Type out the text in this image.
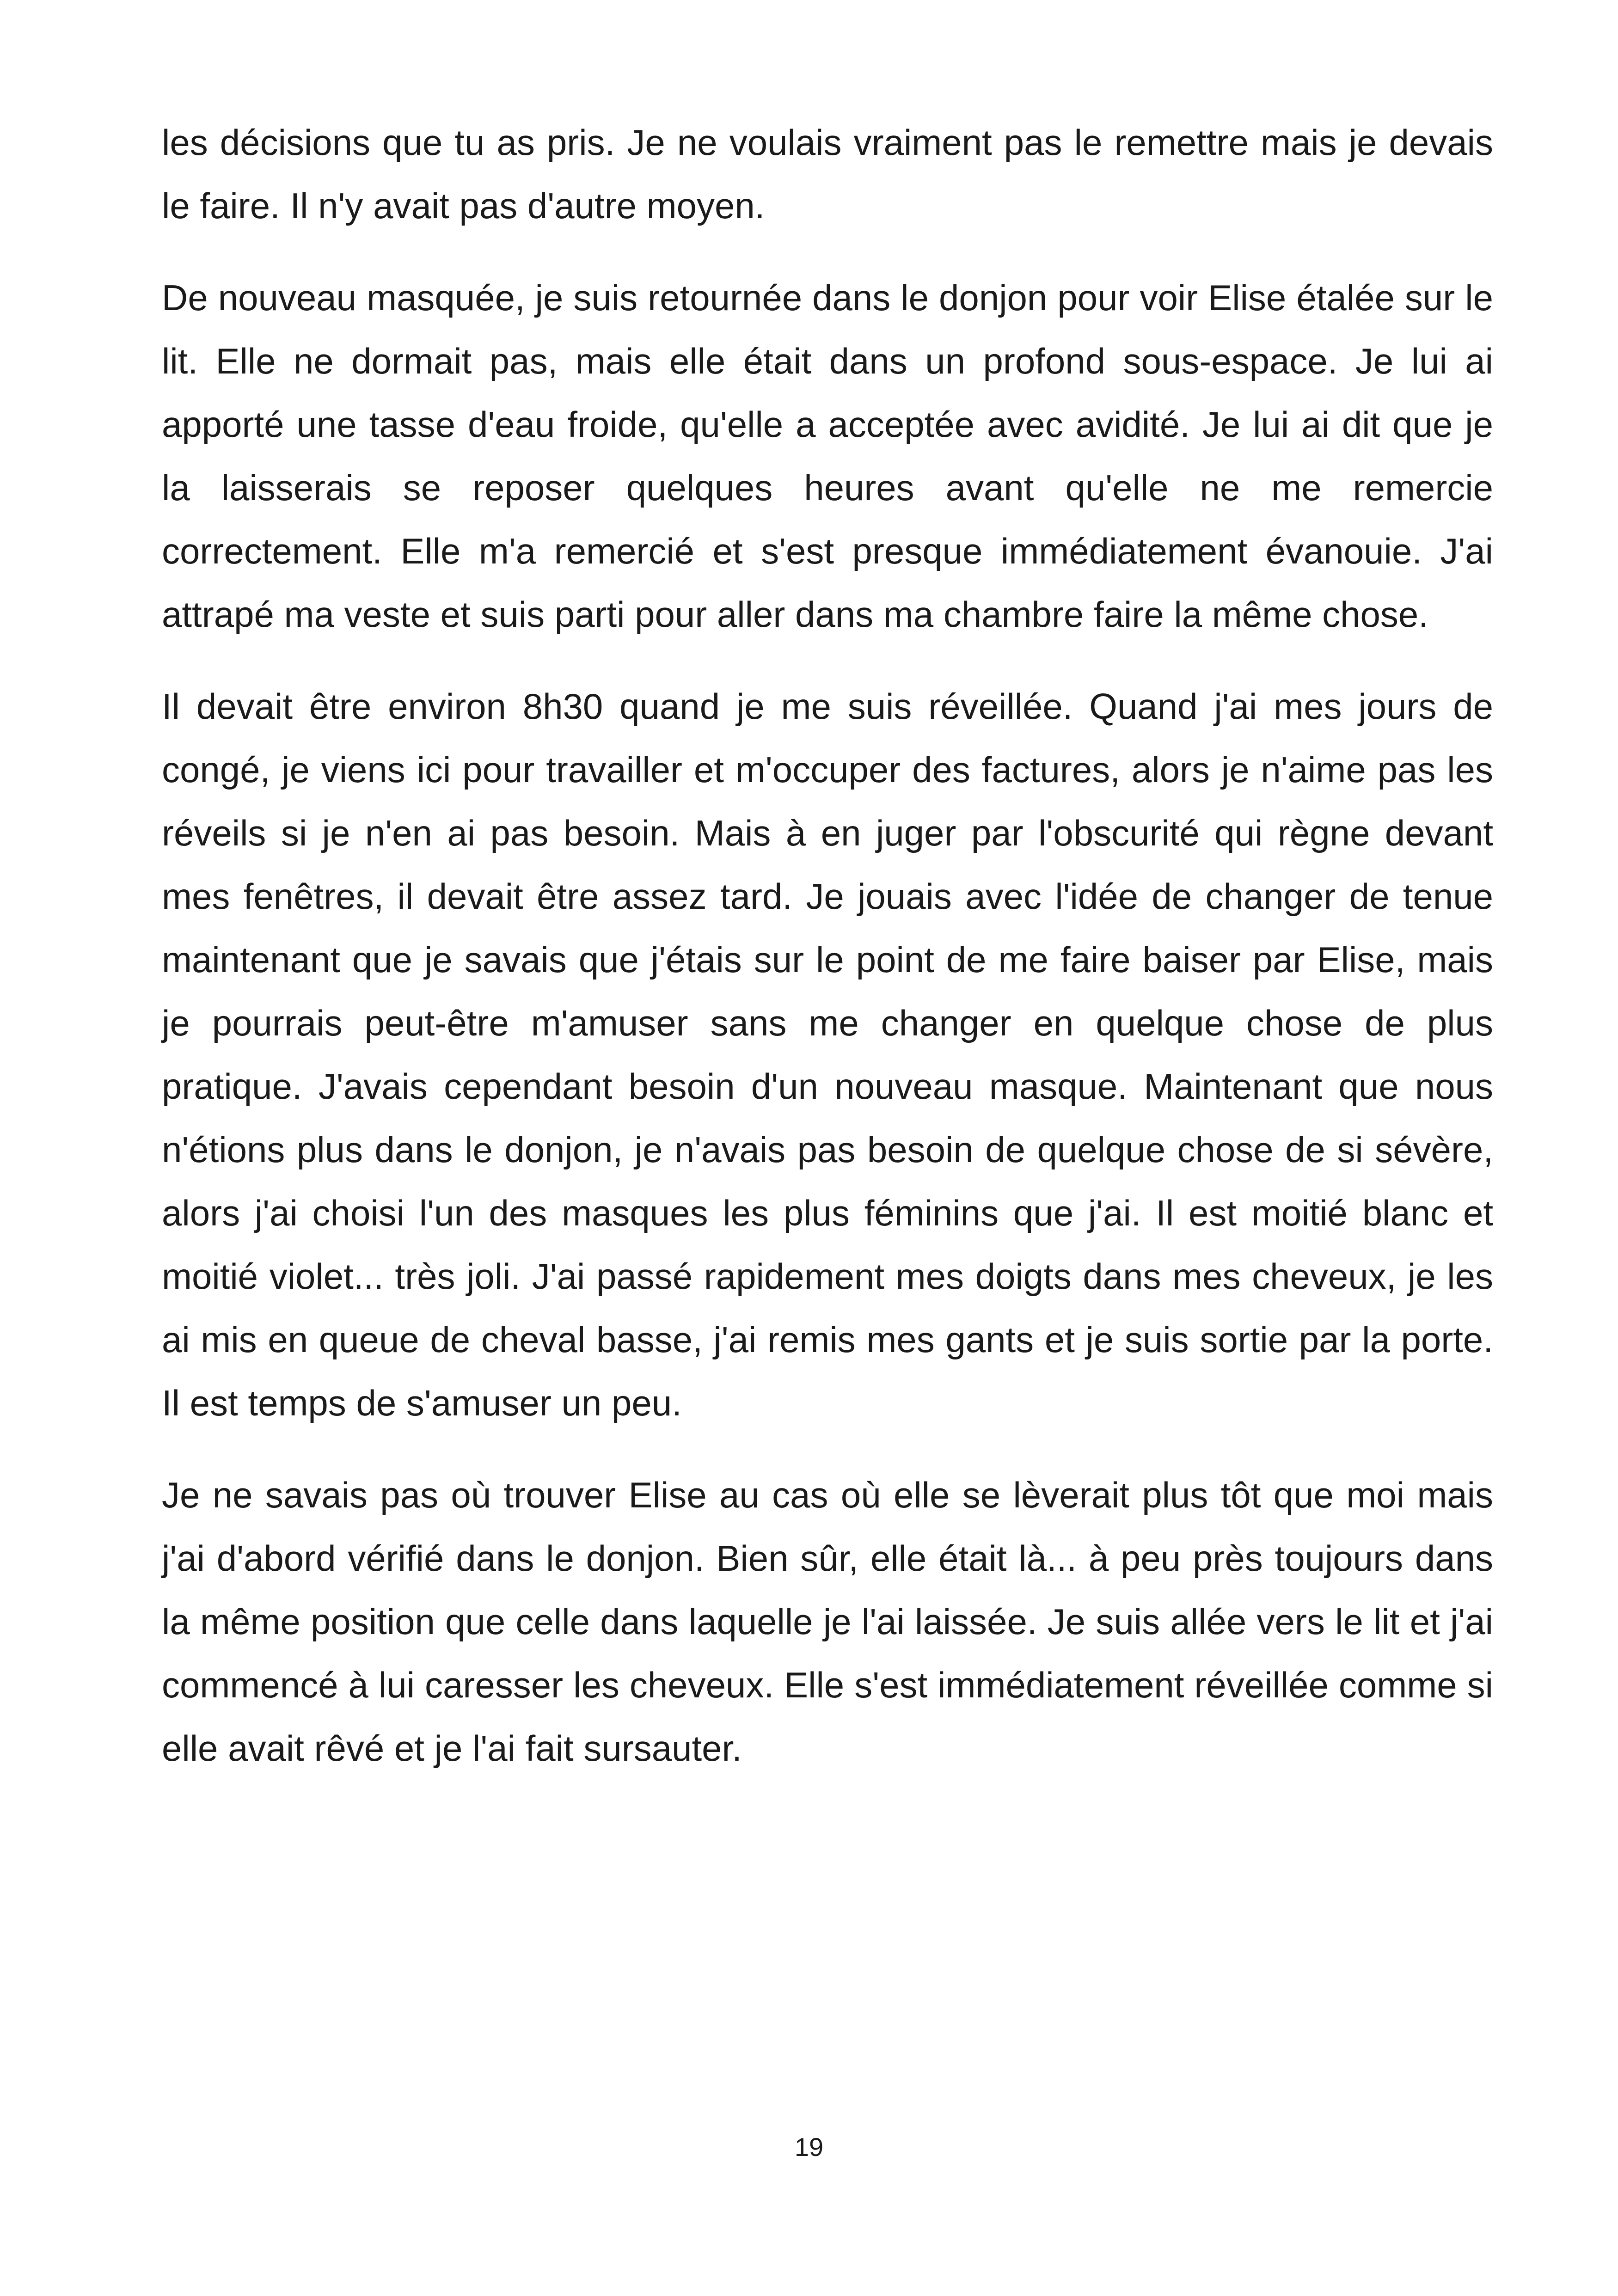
les décisions que tu as pris. Je ne voulais vraiment pas le remettre mais je devais le faire. Il n'y avait pas d'autre moyen.

De nouveau masquée, je suis retournée dans le donjon pour voir Elise étalée sur le lit. Elle ne dormait pas, mais elle était dans un profond sous-espace. Je lui ai apporté une tasse d'eau froide, qu'elle a acceptée avec avidité. Je lui ai dit que je la laisserais se reposer quelques heures avant qu'elle ne me remercie correctement. Elle m'a remercié et s'est presque immédiatement évanouie. J'ai attrapé ma veste et suis parti pour aller dans ma chambre faire la même chose.

Il devait être environ 8h30 quand je me suis réveillée. Quand j'ai mes jours de congé, je viens ici pour travailler et m'occuper des factures, alors je n'aime pas les réveils si je n'en ai pas besoin. Mais à en juger par l'obscurité qui règne devant mes fenêtres, il devait être assez tard. Je jouais avec l'idée de changer de tenue maintenant que je savais que j'étais sur le point de me faire baiser par Elise, mais je pourrais peut-être m'amuser sans me changer en quelque chose de plus pratique. J'avais cependant besoin d'un nouveau masque. Maintenant que nous n'étions plus dans le donjon, je n'avais pas besoin de quelque chose de si sévère, alors j'ai choisi l'un des masques les plus féminins que j'ai. Il est moitié blanc et moitié violet... très joli. J'ai passé rapidement mes doigts dans mes cheveux, je les ai mis en queue de cheval basse, j'ai remis mes gants et je suis sortie par la porte. Il est temps de s'amuser un peu.

Je ne savais pas où trouver Elise au cas où elle se lèverait plus tôt que moi mais j'ai d'abord vérifié dans le donjon. Bien sûr, elle était là... à peu près toujours dans la même position que celle dans laquelle je l'ai laissée. Je suis allée vers le lit et j'ai commencé à lui caresser les cheveux. Elle s'est immédiatement réveillée comme si elle avait rêvé et je l'ai fait sursauter.

19
